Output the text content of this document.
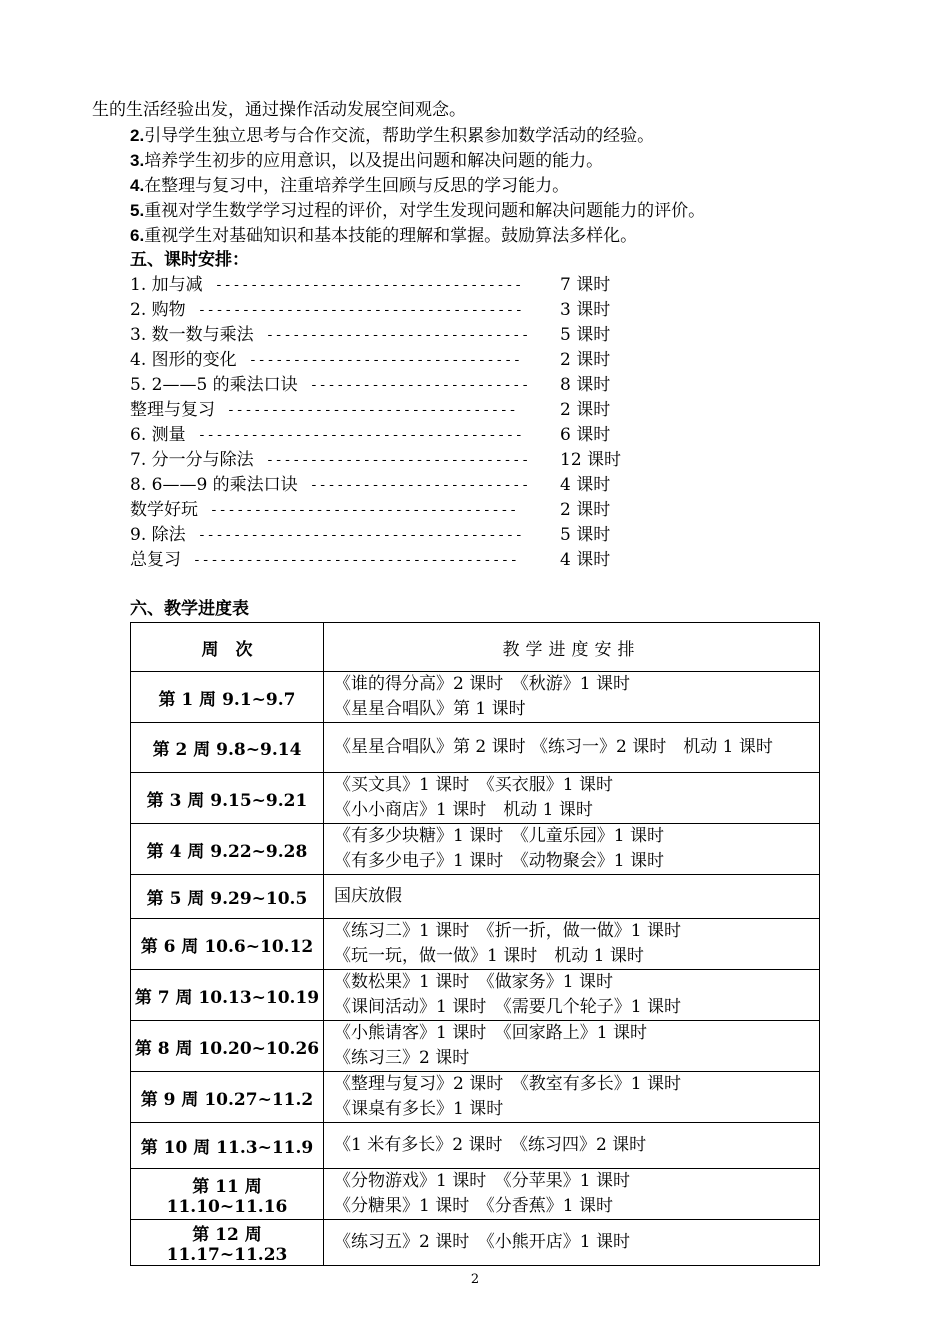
生的生活经验出发，通过操作活动发展空间观念。
2.引导学生独立思考与合作交流，帮助学生积累参加数学活动的经验。
3.培养学生初步的应用意识，以及提出问题和解决问题的能力。
4.在整理与复习中，注重培养学生回顾与反思的学习能力。
5.重视对学生数学学习过程的评价，对学生发现问题和解决问题能力的评价。
6.重视学生对基础知识和基本技能的理解和掌握。鼓励算法多样化。
五、课时安排：
1. 加与减 -----------------------------------	7 课时
2. 购物 -------------------------------------	3 课时
3. 数一数与乘法 ------------------------------	5 课时
4. 图形的变化 -------------------------------	2 课时
5. 2——5 的乘法口诀 -------------------------	8 课时
整理与复习 ---------------------------------	2 课时
6. 测量 -------------------------------------	6 课时
7. 分一分与除法 ------------------------------	12 课时
8. 6——9 的乘法口诀 -------------------------	4 课时
数学好玩 -----------------------------------	2 课时
9. 除法 -------------------------------------	5 课时
总复习 -------------------------------------	4 课时
六、教学进度表
周　次	教学进度安排
第 1 周 9.1~9.7	《谁的得分高》2 课时　《秋游》1 课时
《星星合唱队》第 1 课时

第 2 周 9.8~9.14	《星星合唱队》第 2 课时 《练习一》2 课时　机动 1 课时

第 3 周 9.15~9.21	《买文具》1 课时　《买衣服》1 课时
《小小商店》1 课时　机动 1 课时

第 4 周 9.22~9.28	《有多少块糖》1 课时　《儿童乐园》1 课时
《有多少电子》1 课时　《动物聚会》1 课时

第 5 周 9.29~10.5	国庆放假

第 6 周 10.6~10.12	《练习二》1 课时　《折一折，做一做》1 课时
《玩一玩，做一做》1 课时　机动 1 课时

第 7 周 10.13~10.19	《数松果》1 课时　《做家务》1 课时
《课间活动》1 课时　《需要几个轮子》1 课时

第 8 周 10.20~10.26	《小熊请客》1 课时　《回家路上》1 课时
《练习三》2 课时

第 9 周 10.27~11.2	《整理与复习》2 课时　《教室有多长》1 课时
《课桌有多长》1 课时

第 10 周 11.3~11.9	《1 米有多长》2 课时　《练习四》2 课时

第 11 周 11.10~11.16	《分物游戏》1 课时　《分苹果》1 课时
《分糖果》1 课时　《分香蕉》1 课时

第 12 周 11.17~11.23	《练习五》2 课时　《小熊开店》1 课时
2
